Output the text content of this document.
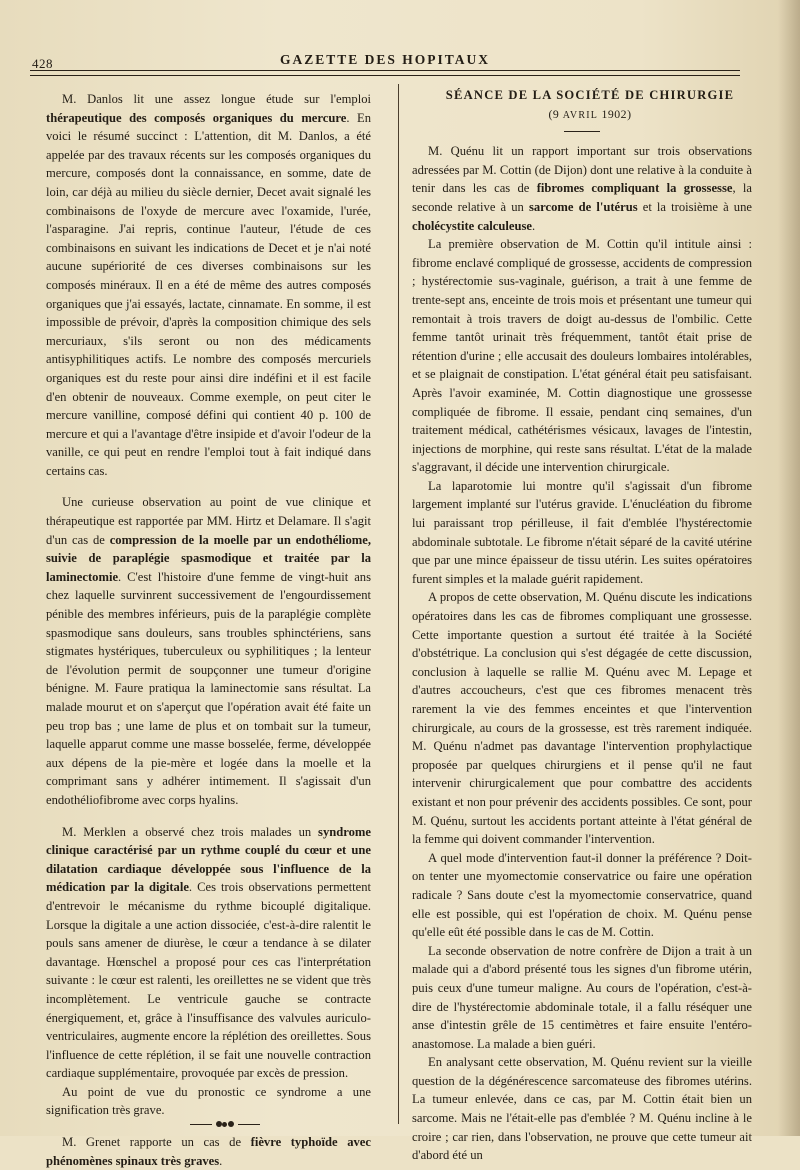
428	GAZETTE DES HOPITAUX

M. Danlos lit une assez longue étude sur l'emploi thérapeutique des composés organiques du mercure. En voici le résumé succinct : L'attention, dit M. Danlos, a été appelée par des travaux récents sur les composés organiques du mercure, composés dont la connaissance, en somme, date de loin, car déjà au milieu du siècle dernier, Decet avait signalé les combinaisons de l'oxyde de mercure avec l'oxamide, l'urée, l'asparagine. J'ai repris, continue l'auteur, l'étude de ces combinaisons en suivant les indications de Decet et je n'ai noté aucune supériorité de ces diverses combinaisons sur les composés minéraux. Il en a été de même des autres composés organiques que j'ai essayés, lactate, cinnamate. En somme, il est impossible de prévoir, d'après la composition chimique des sels mercuriaux, s'ils seront ou non des médicaments antisyphilitiques actifs. Le nombre des composés mercuriels organiques est du reste pour ainsi dire indéfini et il est facile d'en obtenir de nouveaux. Comme exemple, on peut citer le mercure vanilline, composé défini qui contient 40 p. 100 de mercure et qui a l'avantage d'être insipide et d'avoir l'odeur de la vanille, ce qui peut en rendre l'emploi tout à fait indiqué dans certains cas.

Une curieuse observation au point de vue clinique et thérapeutique est rapportée par MM. Hirtz et Delamare. Il s'agit d'un cas de compression de la moelle par un endothéliome, suivie de paraplégie spasmodique et traitée par la laminectomie. C'est l'histoire d'une femme de vingt-huit ans chez laquelle survinrent successivement de l'engourdissement pénible des membres inférieurs, puis de la paraplégie complète spasmodique sans douleurs, sans troubles sphinctériens, sans stigmates hystériques, tuberculeux ou syphilitiques ; la lenteur de l'évolution permit de soupçonner une tumeur d'origine bénigne. M. Faure pratiqua la laminectomie sans résultat. La malade mourut et on s'aperçut que l'opération avait été faite un peu trop bas ; une lame de plus et on tombait sur la tumeur, laquelle apparut comme une masse bosselée, ferme, développée aux dépens de la pie-mère et logée dans la moelle et la comprimant sans y adhérer intimement. Il s'agissait d'un endothéliofibrome avec corps hyalins.

M. Merklen a observé chez trois malades un syndrome clinique caractérisé par un rythme couplé du cœur et une dilatation cardiaque développée sous l'influence de la médication par la digitale. Ces trois observations permettent d'entrevoir le mécanisme du rythme bicouplé digitalique. Lorsque la digitale a une action dissociée, c'est-à-dire ralentit le pouls sans amener de diurèse, le cœur a tendance à se dilater davantage. Hœnschel a proposé pour ces cas l'interprétation suivante : le cœur est ralenti, les oreillettes ne se vident que très incomplètement. Le ventricule gauche se contracte énergiquement, et, grâce à l'insuffisance des valvules auriculo-ventriculaires, augmente encore la réplétion des oreillettes. Sous l'influence de cette réplétion, il se fait une nouvelle contraction cardiaque supplémentaire, provoquée par excès de pression.

Au point de vue du pronostic ce syndrome a une signification très grave.

M. Grenet rapporte un cas de fièvre typhoïde avec phénomènes spinaux très graves.

SÉANCE DE LA SOCIÉTÉ DE CHIRURGIE

(9 AVRIL 1902)

M. Quénu lit un rapport important sur trois observations adressées par M. Cottin (de Dijon) dont une relative à la conduite à tenir dans les cas de fibromes compliquant la grossesse, la seconde relative à un sarcome de l'utérus et la troisième à une cholécystite calculeuse.

La première observation de M. Cottin qu'il intitule ainsi : fibrome enclavé compliqué de grossesse, accidents de compression ; hystérectomie sus-vaginale, guérison, a trait à une femme de trente-sept ans, enceinte de trois mois et présentant une tumeur qui remontait à trois travers de doigt au-dessus de l'ombilic. Cette femme tantôt urinait très fréquemment, tantôt était prise de rétention d'urine ; elle accusait des douleurs lombaires intolérables, et se plaignait de constipation. L'état général était peu satisfaisant. Après l'avoir examinée, M. Cottin diagnostique une grossesse compliquée de fibrome. Il essaie, pendant cinq semaines, d'un traitement médical, cathétérismes vésicaux, lavages de l'intestin, injections de morphine, qui reste sans résultat. L'état de la malade s'aggravant, il décide une intervention chirurgicale.

La laparotomie lui montre qu'il s'agissait d'un fibrome largement implanté sur l'utérus gravide. L'énucléation du fibrome lui paraissant trop périlleuse, il fait d'emblée l'hystérectomie abdominale subtotale. Le fibrome n'était séparé de la cavité utérine que par une mince épaisseur de tissu utérin. Les suites opératoires furent simples et la malade guérit rapidement.

A propos de cette observation, M. Quénu discute les indications opératoires dans les cas de fibromes compliquant une grossesse. Cette importante question a surtout été traitée à la Société d'obstétrique. La conclusion qui s'est dégagée de cette discussion, conclusion à laquelle se rallie M. Quénu avec M. Lepage et d'autres accoucheurs, c'est que ces fibromes menacent très rarement la vie des femmes enceintes et que l'intervention chirurgicale, au cours de la grossesse, est très rarement indiquée. M. Quénu n'admet pas davantage l'intervention prophylactique proposée par quelques chirurgiens et il pense qu'il ne faut intervenir chirurgicalement que pour combattre des accidents existant et non pour prévenir des accidents possibles. Ce sont, pour M. Quénu, surtout les accidents portant atteinte à l'état général de la femme qui doivent commander l'intervention.

A quel mode d'intervention faut-il donner la préférence ? Doit-on tenter une myomectomie conservatrice ou faire une opération radicale ? Sans doute c'est la myomectomie conservatrice, quand elle est possible, qui est l'opération de choix. M. Quénu pense qu'elle eût été possible dans le cas de M. Cottin.

La seconde observation de notre confrère de Dijon a trait à un malade qui a d'abord présenté tous les signes d'un fibrome utérin, puis ceux d'une tumeur maligne. Au cours de l'opération, c'est-à-dire de l'hystérectomie abdominale totale, il a fallu réséquer une anse d'intestin grêle de 15 centimètres et faire ensuite l'entéro-anastomose. La malade a bien guéri.

En analysant cette observation, M. Quénu revient sur la vieille question de la dégénérescence sarcomateuse des fibromes utérins. La tumeur enlevée, dans ce cas, par M. Cottin était bien un sarcome. Mais ne l'était-elle pas d'emblée ? M. Quénu incline à le croire ; car rien, dans l'observation, ne prouve que cette tumeur ait d'abord été un
